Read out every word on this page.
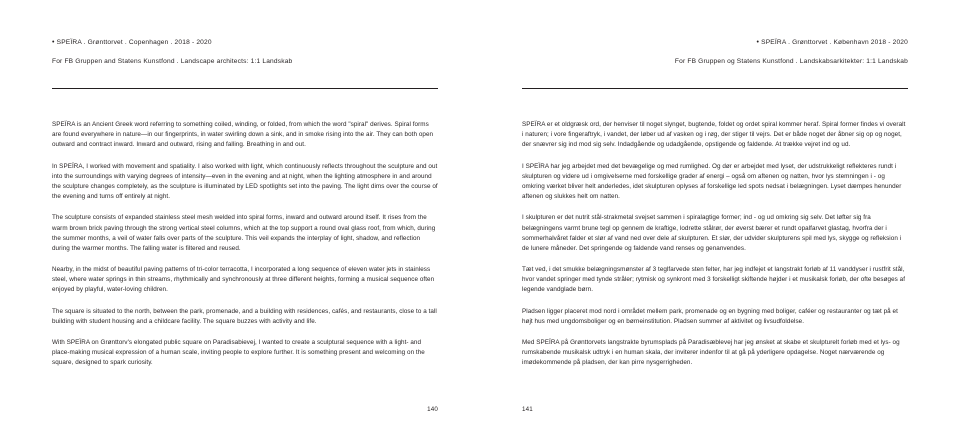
• SPEÏRA . Grønttorvet . Copenhagen . 2018 - 2020
For FB Gruppen and Statens Kunstfond . Landscape architects: 1:1 Landskab

SPEÏRA is an Ancient Greek word referring to something coiled, winding, or folded, from which the word "spiral" derives. Spiral forms are found everywhere in nature—in our fingerprints, in water swirling down a sink, and in smoke rising into the air. They can both open outward and contract inward. Inward and outward, rising and falling. Breathing in and out.

In SPEÏRA, I worked with movement and spatiality. I also worked with light, which continuously reflects throughout the sculpture and out into the surroundings with varying degrees of intensity—even in the evening and at night, when the lighting atmosphere in and around the sculpture changes completely, as the sculpture is illuminated by LED spotlights set into the paving. The light dims over the course of the evening and turns off entirely at night.

The sculpture consists of expanded stainless steel mesh welded into spiral forms, inward and outward around itself. It rises from the warm brown brick paving through the strong vertical steel columns, which at the top support a round oval glass roof, from which, during the summer months, a veil of water falls over parts of the sculpture. This veil expands the interplay of light, shadow, and reflection during the warmer months. The falling water is filtered and reused.

Nearby, in the midst of beautiful paving patterns of tri-color terracotta, I incorporated a long sequence of eleven water jets in stainless steel, where water springs in thin streams, rhythmically and synchronously at three different heights, forming a musical sequence often enjoyed by playful, water-loving children.

The square is situated to the north, between the park, promenade, and a building with residences, cafés, and restaurants, close to a tall building with student housing and a childcare facility. The square buzzes with activity and life.

With SPEÏRA on Grønttorv's elongated public square on Paradisabievej, I wanted to create a sculptural sequence with a light- and place-making musical expression of a human scale, inviting people to explore further. It is something present and welcoming on the square, designed to spark curiosity.

140
• SPEÏRA . Grønttorvet . København 2018 - 2020
For FB Gruppen og Statens Kunstfond . Landskabsarkitekter: 1:1 Landskab

SPEÏRA er et oldgræsk ord, der henviser til noget slynget, bugtende, foldet og ordet spiral kommer heraf. Spiral former findes vi overalt i naturen; i vore fingeraftryk, i vandet, der løber ud af vasken og i røg, der stiger til vejrs. Det er både noget der åbner sig op og noget, der snævrer sig ind mod sig selv. Indadgående og udadgående, opstigende og faldende. At trække vejret ind og ud.

I SPEÏRA har jeg arbejdet med det bevægelige og med rumlighed. Og dør er arbejdet med lyset, der udstrukkeligt reflekteres rundt i skulpturen og videre ud i omgivelserne med forskellige grader af energi – også om aftenen og natten, hvor lys stemningen i - og omkring værket bliver helt anderledes, idet skulpturen oplyses af forskellige led spots nedsat i belægningen. Lyset dæmpes henunder aftenen og slukkes helt om natten.

I skulpturen er det nutrit stål-strakmetal svejset sammen i spiralagtige former; ind - og ud omkring sig selv. Det løfter sig fra belægningens varmt brune tegl op gennem de kraftige, lodrette stålrør, der øverst bærer et rundt opalfarvet glastag, hvorfra der i sommerhalvåret falder et slør af vand ned over dele af skulpturen. Et slør, der udvider skulpturens spil med lys, skygge og refleksion i de lunere måneder. Det springende og faldende vand renses og genanvendes.

Tæt ved, i det smukke belægningsmønster af 3 teglfarvede sten felter, har jeg indfejet et langstrakt forløb af 11 vanddyser i rustfrit stål, hvor vandet springer med tynde stråler; rytmisk og synkront med 3 forskelligt skiftende højder i et musikalsk forløb, der ofte besøges af legende vandglade børn.

Pladsen ligger placeret mod nord i området mellem park, promenade og en bygning med boliger, caféer og restauranter og tæt på et højt hus med ungdomsboliger og en børneinstitution. Pladsen summer af aktivitet og livsudfoldelse.

Med SPEÏRA på Grønttorvets langstrakte byrumsplads på Paradisæblevej har jeg ønsket at skabe et skulpturelt forløb med et lys- og rumskabende musikalsk udtryk i en human skala, der inviterer indenfor til at gå på yderligere opdagelse. Noget nærværende og imødekommende på pladsen, der kan pirre nysgerrigheden.

141
